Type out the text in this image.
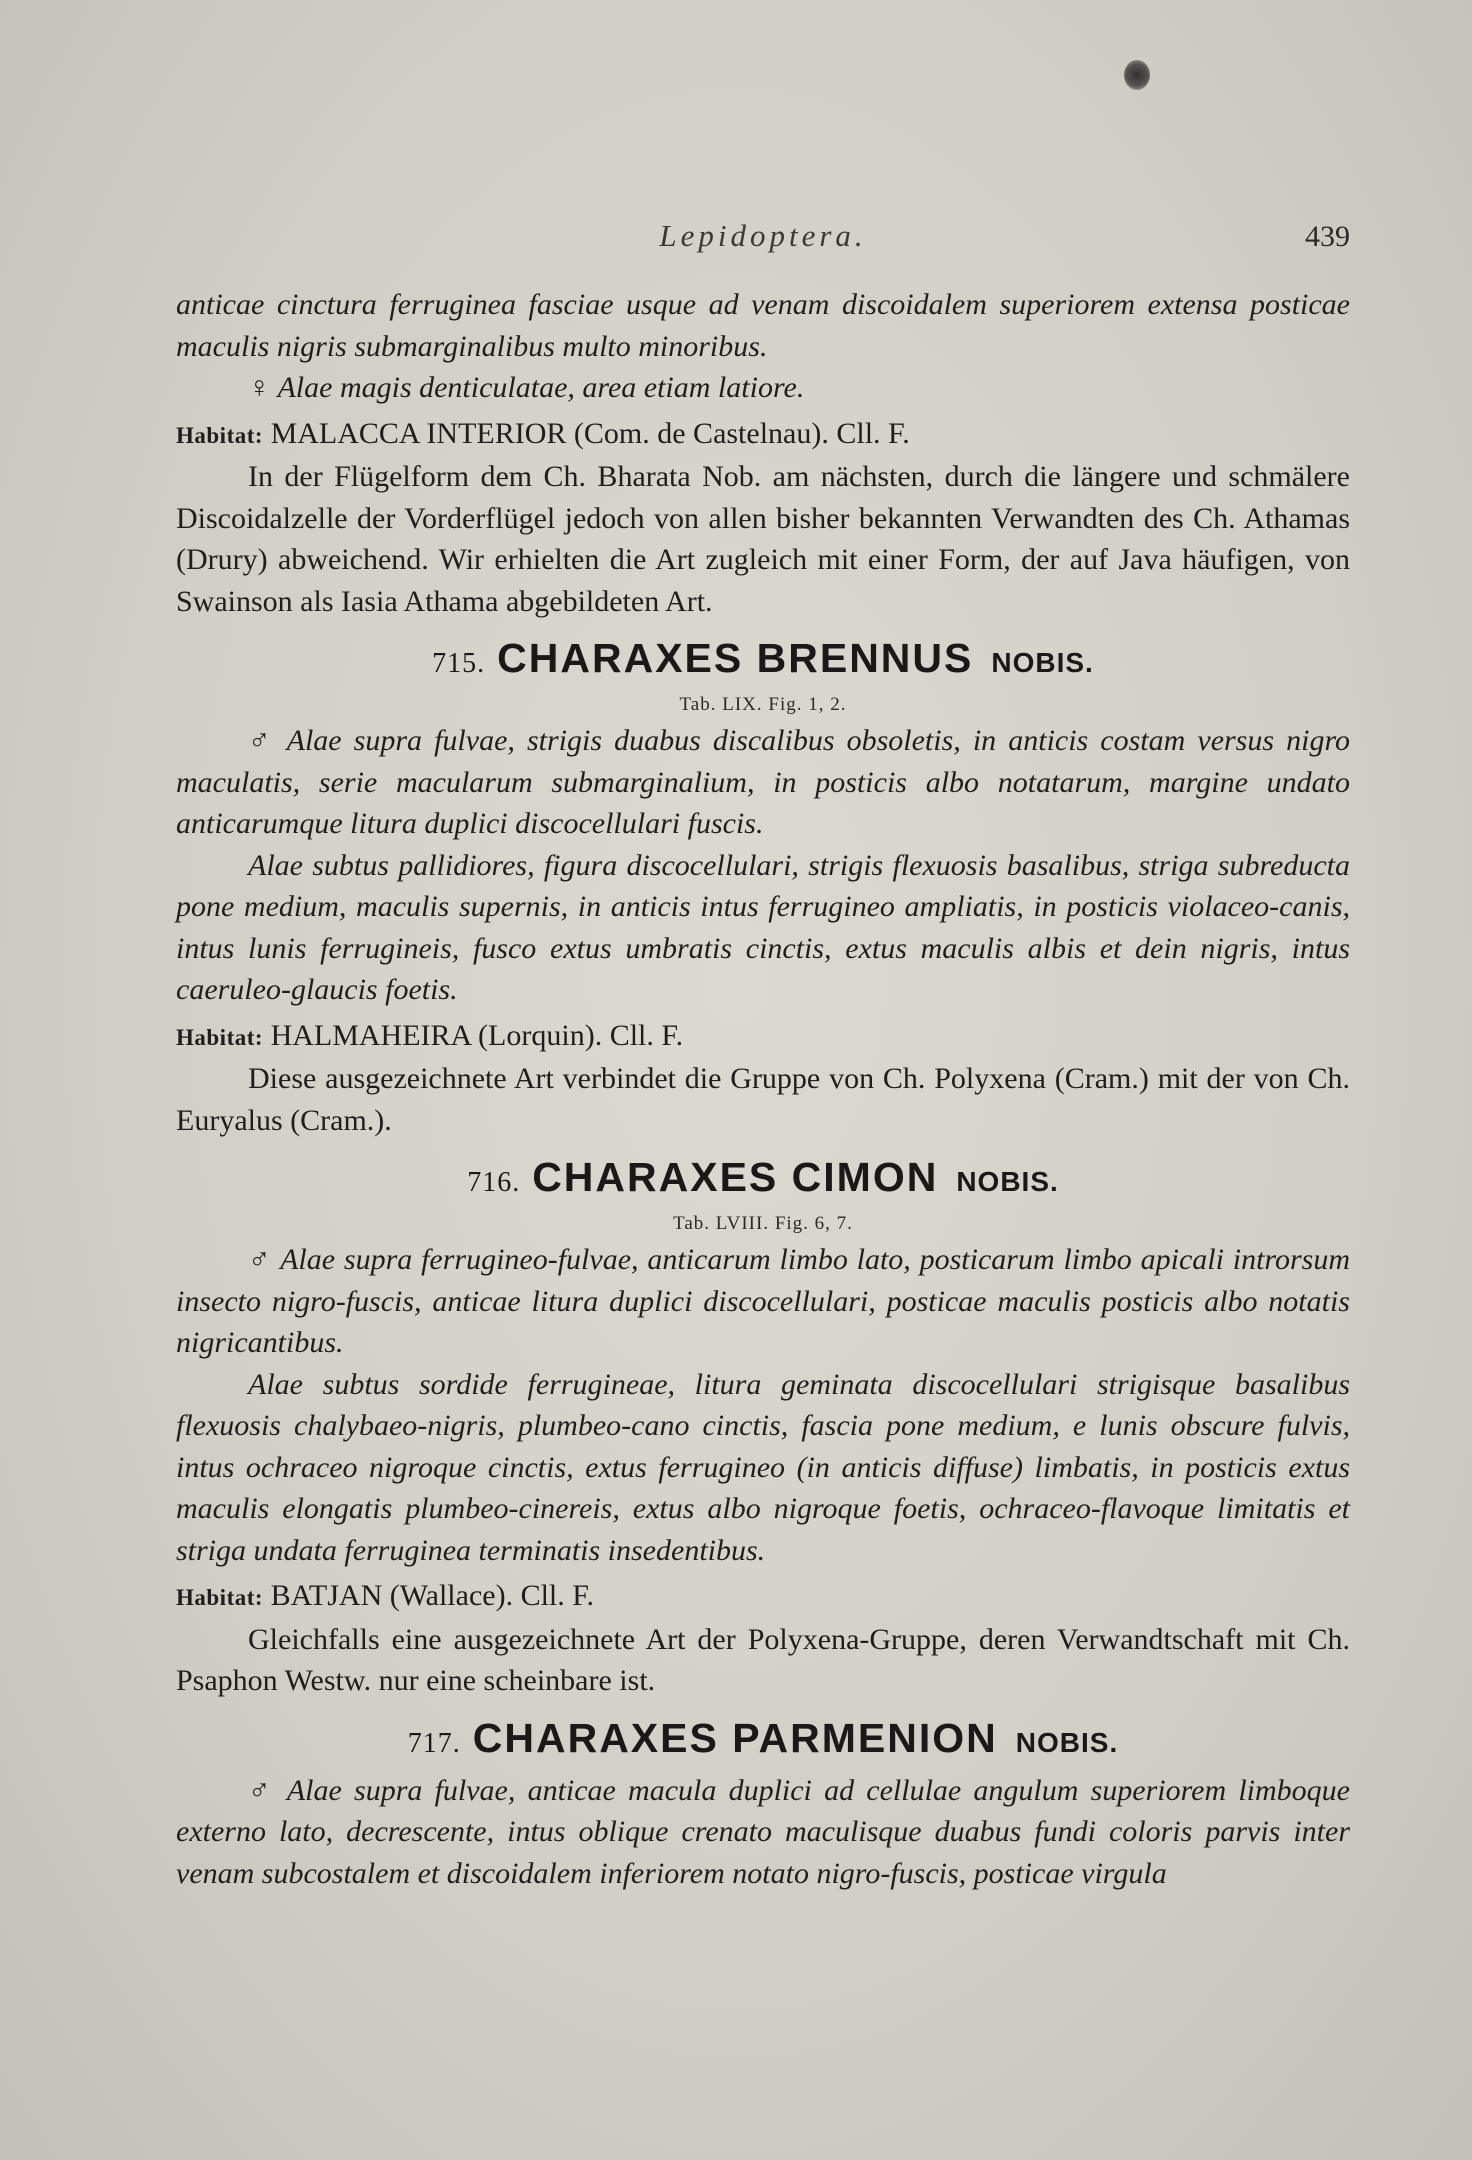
Lepidoptera.	439

anticae cinctura ferruginea fasciae usque ad venam discoidalem superiorem extensa posticae maculis nigris submarginalibus multo minoribus.

♀ Alae magis denticulatae, area etiam latiore.

Habitat: MALACCA INTERIOR (Com. de Castelnau). Cll. F.

In der Flügelform dem Ch. Bharata Nob. am nächsten, durch die längere und schmälere Discoidalzelle der Vorderflügel jedoch von allen bisher bekannten Verwandten des Ch. Athamas (Drury) abweichend. Wir erhielten die Art zugleich mit einer Form, der auf Java häufigen, von Swainson als Iasia Athama abgebildeten Art.

715. CHARAXES BRENNUS NOBIS.
Tab. LIX. Fig. 1, 2.

♂ Alae supra fulvae, strigis duabus discalibus obsoletis, in anticis costam versus nigro maculatis, serie macularum submarginalium, in posticis albo notatarum, margine undato anticarumque litura duplici discocellulari fuscis.

Alae subtus pallidiores, figura discocellulari, strigis flexuosis basalibus, striga subreducta pone medium, maculis supernis, in anticis intus ferrugineo ampliatis, in posticis violaceo-canis, intus lunis ferrugineis, fusco extus umbratis cinctis, extus maculis albis et dein nigris, intus caeruleo-glaucis foetis.

Habitat: HALMAHEIRA (Lorquin). Cll. F.

Diese ausgezeichnete Art verbindet die Gruppe von Ch. Polyxena (Cram.) mit der von Ch. Euryalus (Cram.).

716. CHARAXES CIMON NOBIS.
Tab. LVIII. Fig. 6, 7.

♂ Alae supra ferrugineo-fulvae, anticarum limbo lato, posticarum limbo apicali introrsum insecto nigro-fuscis, anticae litura duplici discocellulari, posticae maculis posticis albo notatis nigricantibus.

Alae subtus sordide ferrugineae, litura geminata discocellulari strigisque basalibus flexuosis chalybaeo-nigris, plumbeo-cano cinctis, fascia pone medium, e lunis obscure fulvis, intus ochraceo nigroque cinctis, extus ferrugineo (in anticis diffuse) limbatis, in posticis extus maculis elongatis plumbeo-cinereis, extus albo nigroque foetis, ochraceo-flavoque limitatis et striga undata ferruginea terminatis insedentibus.

Habitat: BATJAN (Wallace). Cll. F.

Gleichfalls eine ausgezeichnete Art der Polyxena-Gruppe, deren Verwandtschaft mit Ch. Psaphon Westw. nur eine scheinbare ist.

717. CHARAXES PARMENION NOBIS.

♂ Alae supra fulvae, anticae macula duplici ad cellulae angulum superiorem limboque externo lato, decrescente, intus oblique crenato maculisque duabus fundi coloris parvis inter venam subcostalem et discoidalem inferiorem notato nigro-fuscis, posticae virgula
